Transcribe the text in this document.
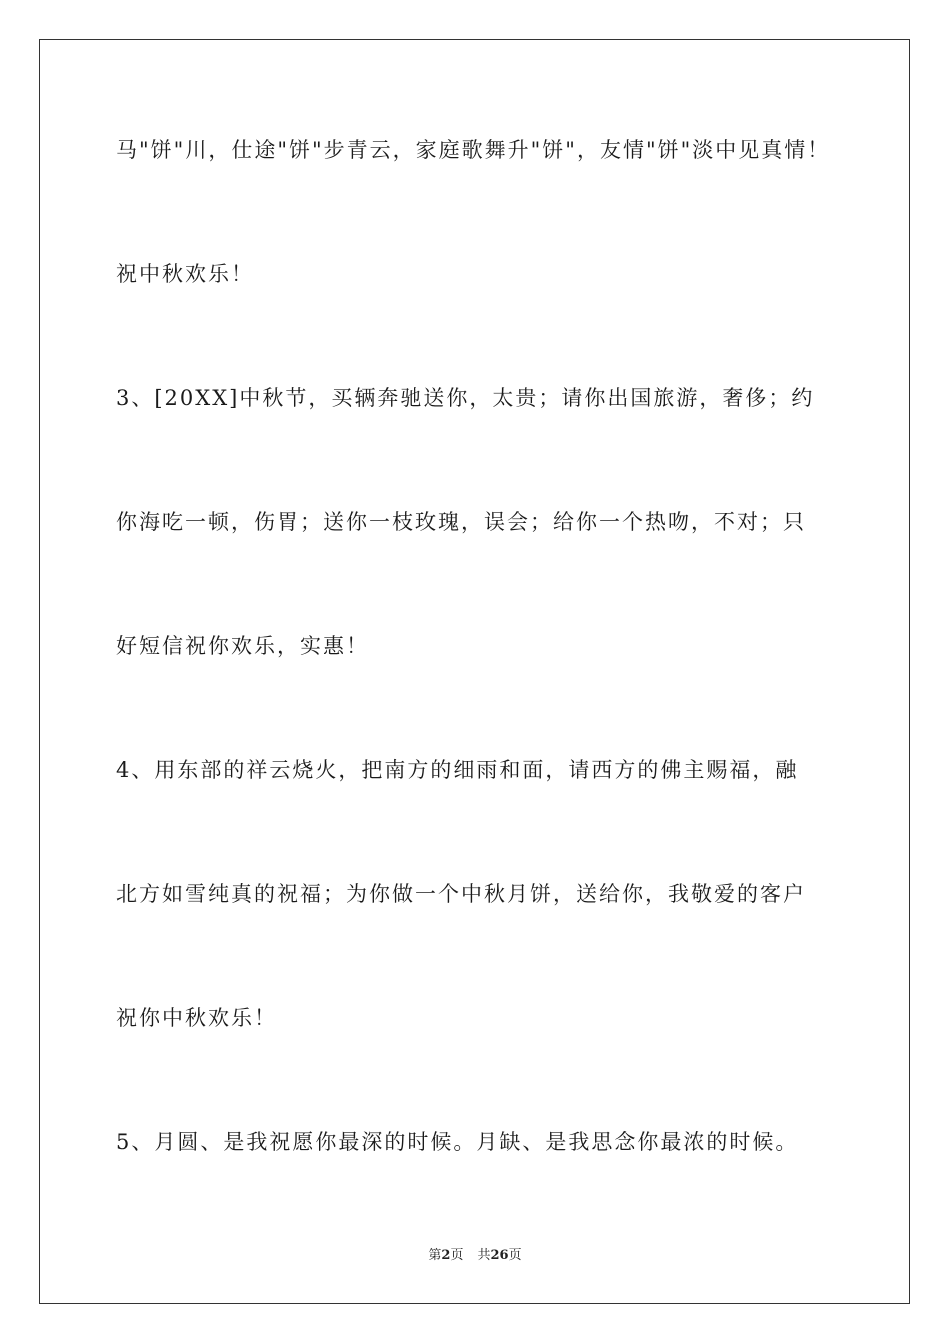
马"饼"川，仕途"饼"步青云，家庭歌舞升"饼"，友情"饼"淡中见真情！
祝中秋欢乐！
3、[20XX]中秋节，买辆奔驰送你，太贵；请你出国旅游，奢侈；约
你海吃一顿，伤胃；送你一枝玫瑰，误会；给你一个热吻，不对；只
好短信祝你欢乐，实惠！
4、用东部的祥云烧火，把南方的细雨和面，请西方的佛主赐福，融
北方如雪纯真的祝福；为你做一个中秋月饼，送给你，我敬爱的客户
祝你中秋欢乐！
5、月圆、是我祝愿你最深的时候。月缺、是我思念你最浓的时候。
第2页 共26页
